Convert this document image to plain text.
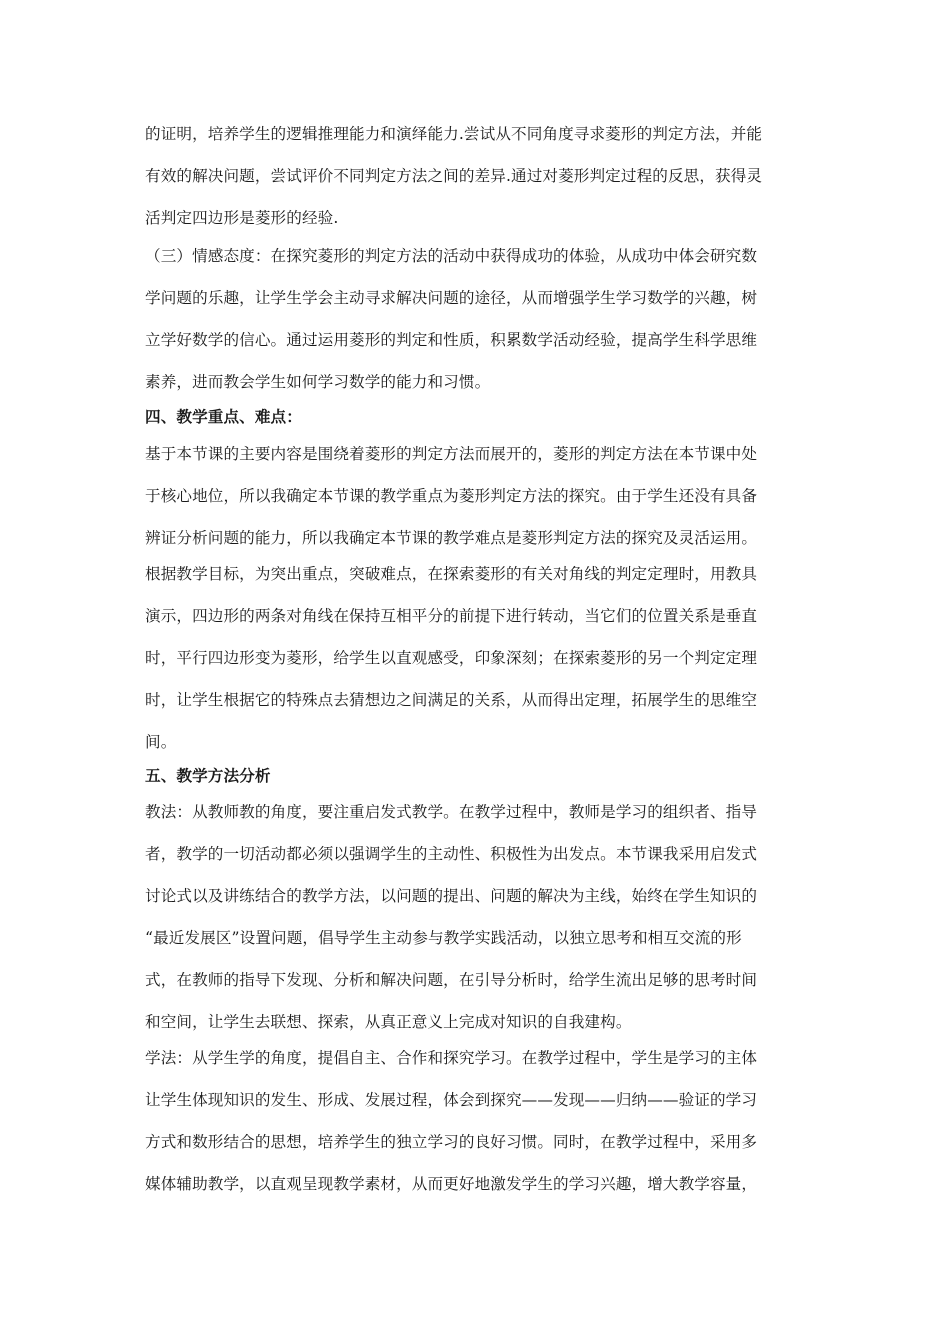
的证明，培养学生的逻辑推理能力和演绎能力.尝试从不同角度寻求菱形的判定方法，并能
有效的解决问题，尝试评价不同判定方法之间的差异.通过对菱形判定过程的反思，获得灵
活判定四边形是菱形的经验.
（三）情感态度：在探究菱形的判定方法的活动中获得成功的体验，从成功中体会研究数
学问题的乐趣，让学生学会主动寻求解决问题的途径，从而增强学生学习数学的兴趣，树
立学好数学的信心。通过运用菱形的判定和性质，积累数学活动经验，提高学生科学思维
素养，进而教会学生如何学习数学的能力和习惯。
四、教学重点、难点：
基于本节课的主要内容是围绕着菱形的判定方法而展开的，菱形的判定方法在本节课中处
于核心地位，所以我确定本节课的教学重点为菱形判定方法的探究。由于学生还没有具备
辨证分析问题的能力，所以我确定本节课的教学难点是菱形判定方法的探究及灵活运用。
根据教学目标，为突出重点，突破难点，在探索菱形的有关对角线的判定定理时，用教具
演示，四边形的两条对角线在保持互相平分的前提下进行转动，当它们的位置关系是垂直
时，平行四边形变为菱形，给学生以直观感受，印象深刻；在探索菱形的另一个判定定理
时，让学生根据它的特殊点去猜想边之间满足的关系，从而得出定理，拓展学生的思维空
间。
五、教学方法分析
教法：从教师教的角度，要注重启发式教学。在教学过程中，教师是学习的组织者、指导
者，教学的一切活动都必须以强调学生的主动性、积极性为出发点。本节课我采用启发式
讨论式以及讲练结合的教学方法，以问题的提出、问题的解决为主线，始终在学生知识的
“最近发展区”设置问题，倡导学生主动参与教学实践活动，以独立思考和相互交流的形
式，在教师的指导下发现、分析和解决问题，在引导分析时，给学生流出足够的思考时间
和空间，让学生去联想、探索，从真正意义上完成对知识的自我建构。
学法：从学生学的角度，提倡自主、合作和探究学习。在教学过程中，学生是学习的主体
让学生体现知识的发生、形成、发展过程，体会到探究——发现——归纳——验证的学习
方式和数形结合的思想，培养学生的独立学习的良好习惯。同时，在教学过程中，采用多
媒体辅助教学，以直观呈现教学素材，从而更好地激发学生的学习兴趣，增大教学容量，
